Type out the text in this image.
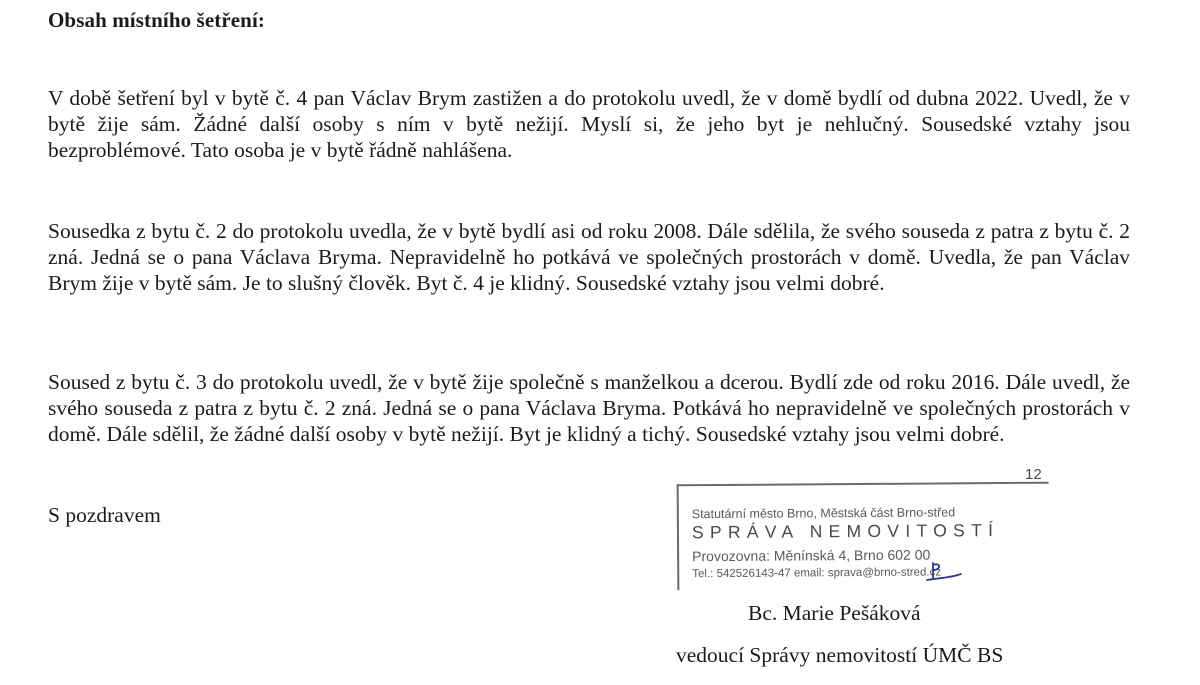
Obsah místního šetření:

V době šetření byl v bytě č. 4 pan Václav Brym zastižen a do protokolu uvedl, že v domě bydlí od dubna 2022. Uvedl, že v bytě žije sám. Žádné další osoby s ním v bytě nežijí. Myslí si, že jeho byt je nehlučný. Sousedské vztahy jsou bezproblémové. Tato osoba je v bytě řádně nahlášena.

Sousedka z bytu č. 2 do protokolu uvedla, že v bytě bydlí asi od roku 2008. Dále sdělila, že svého souseda z patra z bytu č. 2 zná. Jedná se o pana Václava Bryma. Nepravidelně ho potkává ve společných prostorách v domě. Uvedla, že pan Václav Brym žije v bytě sám. Je to slušný člověk. Byt č. 4 je klidný. Sousedské vztahy jsou velmi dobré.

Soused z bytu č. 3 do protokolu uvedl, že v bytě žije společně s manželkou a dcerou. Bydlí zde od roku 2016. Dále uvedl, že svého souseda z patra z bytu č. 2 zná. Jedná se o pana Václava Bryma. Potkává ho nepravidelně ve společných prostorách v domě. Dále sdělil, že žádné další osoby v bytě nežijí. Byt je klidný a tichý. Sousedské vztahy jsou velmi dobré.

S pozdravem
12
Statutární město Brno, Městská část Brno-střed
SPRÁVA NEMOVITOSTÍ
Provozovna: Měnínská 4, Brno 602 00
Tel.: 542526143-47 email: sprava@brno-stred.cz
Bc. Marie Pešáková
vedoucí Správy nemovitostí ÚMČ BS
